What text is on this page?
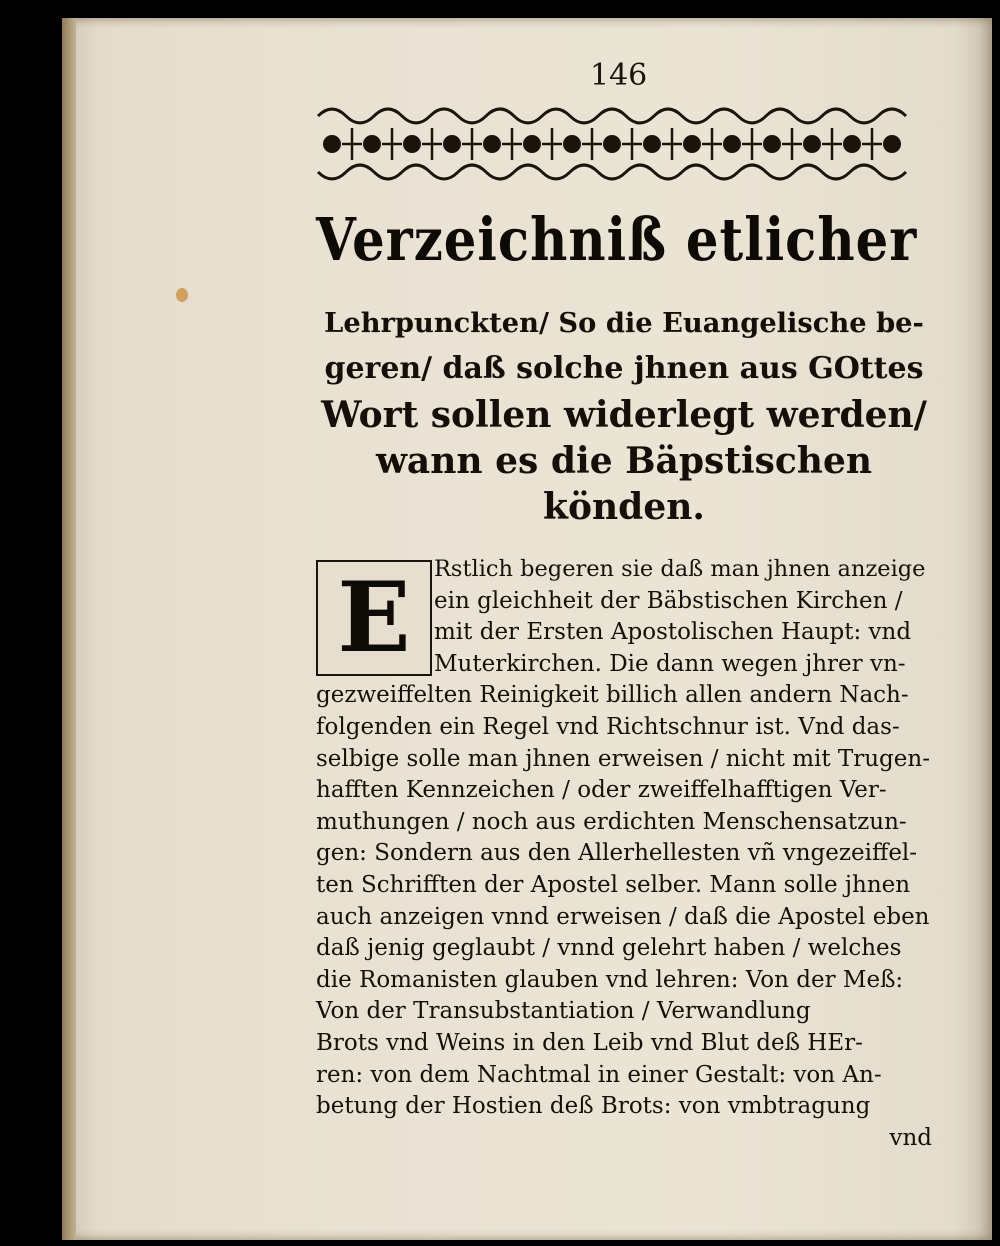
146
Verzeichniß etlicher
Lehrpunckten/ So die Euangelische be-
geren/ daß solche jhnen aus GOttes
Wort sollen widerlegt werden/
wann es die Bäpstischen
könden.
E	Rstlich begeren sie daß man jhnen anzeige
ein gleichheit der Bäbstischen Kirchen /
mit der Ersten Apostolischen Haupt: vnd
Muterkirchen. Die dann wegen jhrer vn-
gezweiffelten Reinigkeit billich allen andern Nach-
folgenden ein Regel vnd Richtschnur ist. Vnd das-
selbige solle man jhnen erweisen / nicht mit Trugen-
hafften Kennzeichen / oder zweiffelhafftigen Ver-
muthungen / noch aus erdichten Menschensatzun-
gen: Sondern aus den Allerhellesten vñ vngezeiffel-
ten Schrifften der Apostel selber. Mann solle jhnen
auch anzeigen vnnd erweisen / daß die Apostel eben
daß jenig geglaubt / vnnd gelehrt haben / welches
die Romanisten glauben vnd lehren: Von der Meß:
Von der Transubstantiation / Verwandlung
Brots vnd Weins in den Leib vnd Blut deß HEr-
ren: von dem Nachtmal in einer Gestalt: von An-
betung der Hostien deß Brots: von vmbtragung
vnd
